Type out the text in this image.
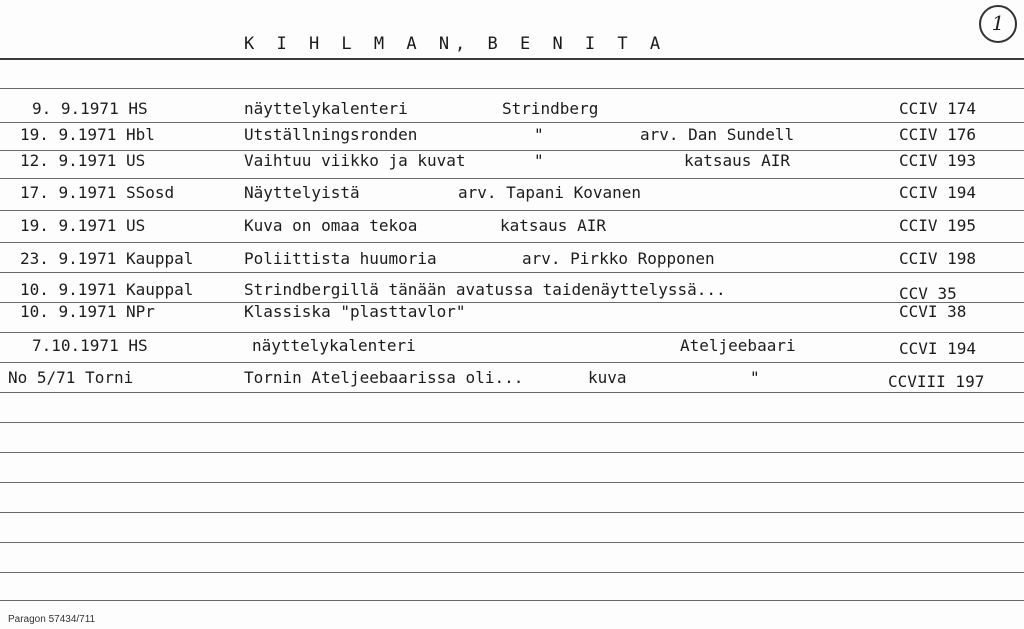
K I H L M A N, B E N I T A
1
9. 9.1971 HS	näyttelykalenteri	Strindberg	CCIV 174
19. 9.1971 Hbl	Utställningsronden	"	arv. Dan Sundell	CCIV 176
12. 9.1971 US	Vaihtuu viikko ja kuvat	"	katsaus AIR	CCIV 193
17. 9.1971 SSosd	Näyttelyistä	arv. Tapani Kovanen	CCIV 194
19. 9.1971 US	Kuva on omaa tekoa	katsaus AIR	CCIV 195
23. 9.1971 Kauppal	Poliittista huumoria	arv. Pirkko Ropponen	CCIV 198
10. 9.1971 Kauppal	Strindbergillä tänään avatussa taidenäyttelyssä...	CCV 35
10. 9.1971 NPr	Klassiska "plasttavlor"	CCVI 38
7.10.1971 HS	näyttelykalenteri	Ateljeebaari	CCVI 194
No 5/71 Torni	Tornin Ateljeebaarissa oli...	kuva	"	CCVIII 197
Paragon 57434/711
